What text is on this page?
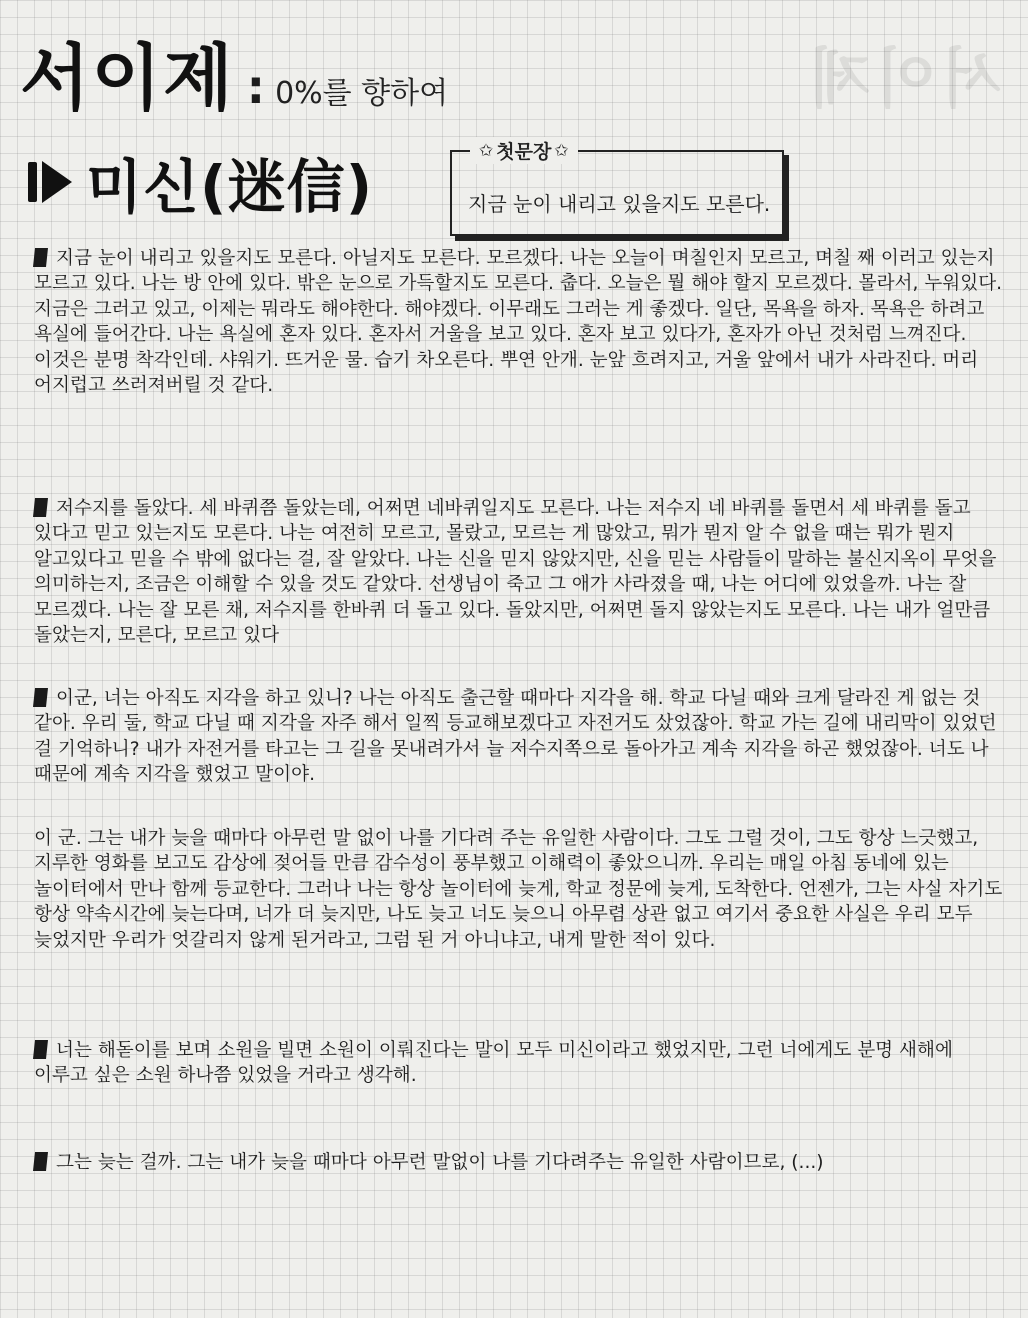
서이제
서이제 : 0%를 향하여
미신(迷信)
✩ 첫문장 ✩
지금 눈이 내리고 있을지도 모른다.
지금 눈이 내리고 있을지도 모른다. 아닐지도 모른다. 모르겠다. 나는 오늘이 며칠인지 모르고, 며칠 째 이러고 있는지 모르고 있다. 나는 방 안에 있다. 밖은 눈으로 가득할지도 모른다. 춥다. 오늘은 뭘 해야 할지 모르겠다. 몰라서, 누워있다. 지금은 그러고 있고, 이제는 뭐라도 해야한다. 해야겠다. 이무래도 그러는 게 좋겠다. 일단, 목욕을 하자. 목욕은 하려고 욕실에 들어간다. 나는 욕실에 혼자 있다. 혼자서 거울을 보고 있다. 혼자 보고 있다가, 혼자가 아닌 것처럼 느껴진다. 이것은 분명 착각인데. 샤워기. 뜨거운 물. 습기 차오른다. 뿌연 안개. 눈앞 흐려지고, 거울 앞에서 내가 사라진다. 머리 어지럽고 쓰러져버릴 것 같다.
저수지를 돌았다. 세 바퀴쯤 돌았는데, 어쩌면 네바퀴일지도 모른다. 나는 저수지 네 바퀴를 돌면서 세 바퀴를 돌고 있다고 믿고 있는지도 모른다. 나는 여전히 모르고, 몰랐고, 모르는 게 많았고, 뭐가 뭔지 알 수 없을 때는 뭐가 뭔지 알고있다고 믿을 수 밖에 없다는 걸, 잘 알았다. 나는 신을 믿지 않았지만, 신을 믿는 사람들이 말하는 불신지옥이 무엇을 의미하는지, 조금은 이해할 수 있을 것도 같았다. 선생님이 죽고 그 애가 사라졌을 때, 나는 어디에 있었을까. 나는 잘 모르겠다. 나는 잘 모른 채, 저수지를 한바퀴 더 돌고 있다. 돌았지만, 어쩌면 돌지 않았는지도 모른다. 나는 내가 얼만큼 돌았는지, 모른다, 모르고 있다
이군, 너는 아직도 지각을 하고 있니? 나는 아직도 출근할 때마다 지각을 해. 학교 다닐 때와 크게 달라진 게 없는 것 같아. 우리 둘, 학교 다닐 때 지각을 자주 해서 일찍 등교해보겠다고 자전거도 샀었잖아. 학교 가는 길에 내리막이 있었던 걸 기억하니? 내가 자전거를 타고는 그 길을 못내려가서 늘 저수지쪽으로 돌아가고 계속 지각을 하곤 했었잖아. 너도 나 때문에 계속 지각을 했었고 말이야.
이 군. 그는 내가 늦을 때마다 아무런 말 없이 나를 기다려 주는 유일한 사람이다. 그도 그럴 것이, 그도 항상 느긋했고, 지루한 영화를 보고도 감상에 젖어들 만큼 감수성이 풍부했고 이해력이 좋았으니까. 우리는 매일 아침 동네에 있는 놀이터에서 만나 함께 등교한다. 그러나 나는 항상 놀이터에 늦게, 학교 정문에 늦게, 도착한다. 언젠가, 그는 사실 자기도 항상 약속시간에 늦는다며, 너가 더 늦지만, 나도 늦고 너도 늦으니 아무렴 상관 없고 여기서 중요한 사실은 우리 모두 늦었지만 우리가 엇갈리지 않게 된거라고, 그럼 된 거 아니냐고, 내게 말한 적이 있다.
너는 해돋이를 보며 소원을 빌면 소원이 이뤄진다는 말이 모두 미신이라고 했었지만, 그런 너에게도 분명 새해에 이루고 싶은 소원 하나쯤 있었을 거라고 생각해.
그는 늦는 걸까. 그는 내가 늦을 때마다 아무런 말없이 나를 기다려주는 유일한 사람이므로, (...)
